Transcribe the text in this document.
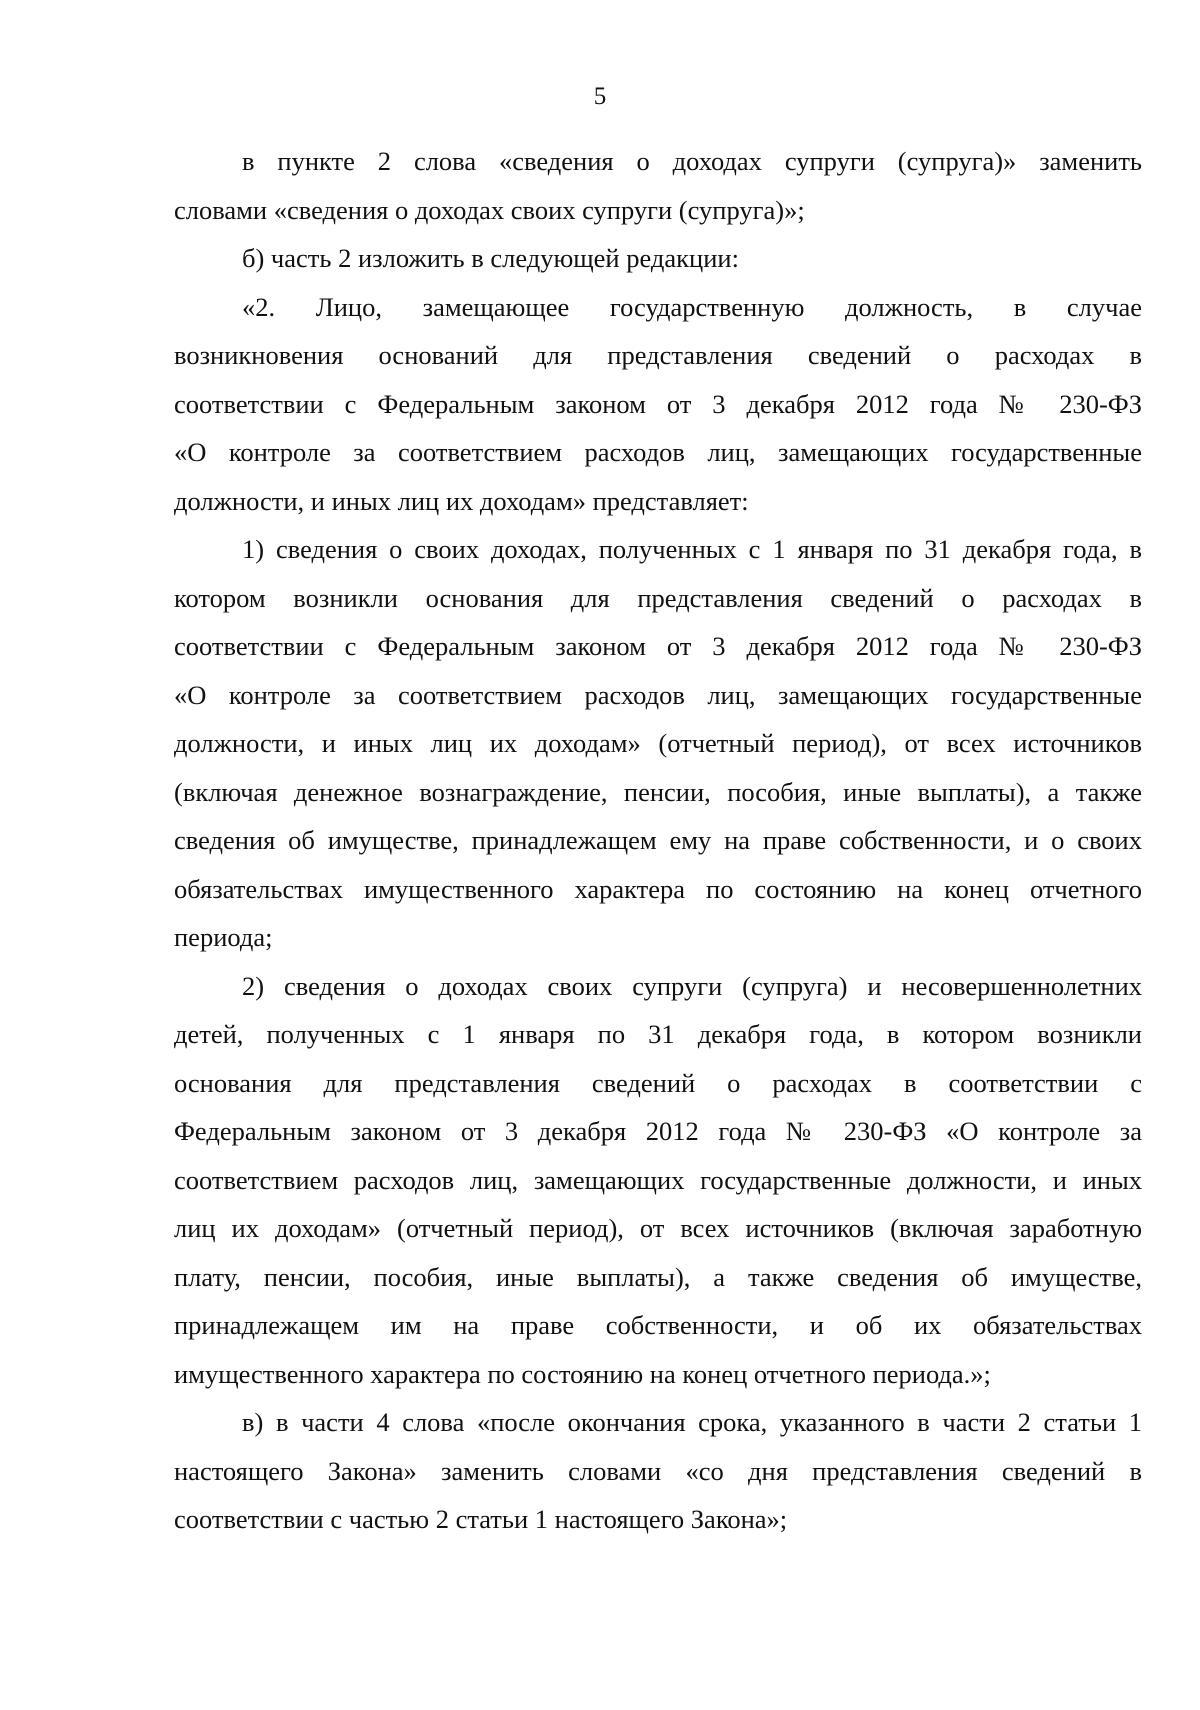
5

в пункте 2 слова «сведения о доходах супруги (супруга)» заменить

словами «сведения о доходах своих супруги (супруга)»;

б) часть 2 изложить в следующей редакции:

«2. Лицо, замещающее государственную должность, в случае

возникновения оснований для представления сведений о расходах в

соответствии с Федеральным законом от 3 декабря 2012 года № 230-ФЗ

«О контроле за соответствием расходов лиц, замещающих государственные

должности, и иных лиц их доходам» представляет:

1) сведения о своих доходах, полученных с 1 января по 31 декабря года, в

котором возникли основания для представления сведений о расходах в

соответствии с Федеральным законом от 3 декабря 2012 года № 230-ФЗ

«О контроле за соответствием расходов лиц, замещающих государственные

должности, и иных лиц их доходам» (отчетный период), от всех источников

(включая денежное вознаграждение, пенсии, пособия, иные выплаты), а также

сведения об имуществе, принадлежащем ему на праве собственности, и о своих

обязательствах имущественного характера по состоянию на конец отчетного

периода;

2) сведения о доходах своих супруги (супруга) и несовершеннолетних

детей, полученных с 1 января по 31 декабря года, в котором возникли

основания для представления сведений о расходах в соответствии с

Федеральным законом от 3 декабря 2012 года № 230-ФЗ «О контроле за

соответствием расходов лиц, замещающих государственные должности, и иных

лиц их доходам» (отчетный период), от всех источников (включая заработную

плату, пенсии, пособия, иные выплаты), а также сведения об имуществе,

принадлежащем им на праве собственности, и об их обязательствах

имущественного характера по состоянию на конец отчетного периода.»;

в) в части 4 слова «после окончания срока, указанного в части 2 статьи 1

настоящего Закона» заменить словами «со дня представления сведений в

соответствии с частью 2 статьи 1 настоящего Закона»;
